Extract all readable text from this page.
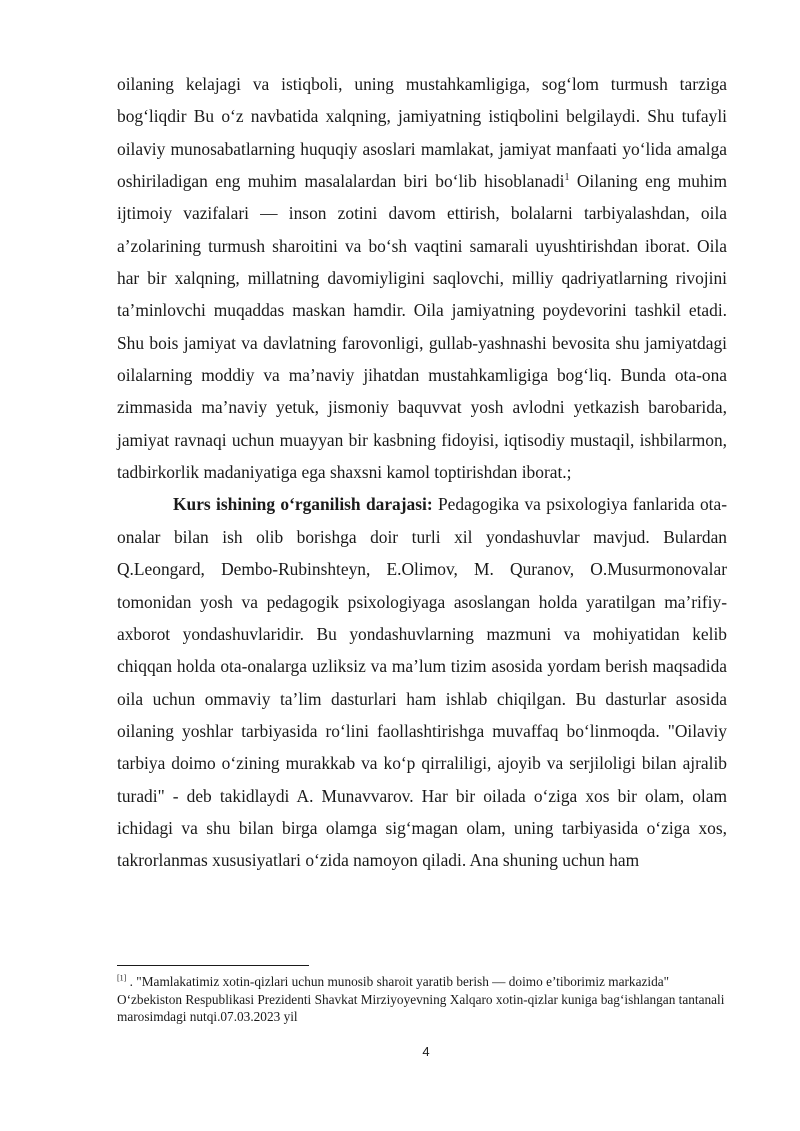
oilaning kelajagi va istiqboli, uning mustahkamligiga, sog‘lom turmush tarziga bog‘liqdir Bu o‘z navbatida xalqning, jamiyatning istiqbolini belgilaydi. Shu tufayli oilaviy munosabatlarning huquqiy asoslari mamlakat, jamiyat manfaati yo‘lida amalga oshiriladigan eng muhim masalalardan biri bo‘lib hisoblanadi$^1$ Oilaning eng muhim ijtimoiy vazifalari — inson zotini davom ettirish, bolalarni tarbiyalashdan, oila a’zolarining turmush sharoitini va bo‘sh vaqtini samarali uyushtirishdan iborat. Oila har bir xalqning, millatning davomiyligini saqlovchi, milliy qadriyatlarning rivojini ta’minlovchi muqaddas maskan hamdir. Oila jamiyatning poydevorini tashkil etadi. Shu bois jamiyat va davlatning farovonligi, gullab-yashnashi bevosita shu jamiyatdagi oilalarning moddiy va ma’naviy jihatdan mustahkamligiga bog‘liq. Bunda ota-ona zimmasida ma’naviy yetuk, jismoniy baquvvat yosh avlodni yetkazish barobarida, jamiyat ravnaqi uchun muayyan bir kasbning fidoyisi, iqtisodiy mustaqil, ishbilarmon, tadbirkorlik madaniyatiga ega shaxsni kamol toptirishdan iborat.;

Kurs ishining o‘rganilish darajasi: Pedagogika va psixologiya fanlarida ota-onalar bilan ish olib borishga doir turli xil yondashuvlar mavjud. Bulardan Q.Leongard, Dembo-Rubinshteyn, E.Olimov, M. Quranov, O.Musurmonovalar tomonidan yosh va pedagogik psixologiyaga asoslangan holda yaratilgan ma’rifiy-axborot yondashuvlaridir. Bu yondashuvlarning mazmuni va mohiyatidan kelib chiqqan holda ota-onalarga uzliksiz va ma’lum tizim asosida yordam berish maqsadida oila uchun ommaviy ta’lim dasturlari ham ishlab chiqilgan. Bu dasturlar asosida oilaning yoshlar tarbiyasida ro‘lini faollashtirishga muvaffaq bo‘linmoqda. "Oilaviy tarbiya doimo o‘zining murakkab va ko‘p qirraliligi, ajoyib va serjiloligi bilan ajralib turadi" - deb takidlaydi A. Munavvarov. Har bir oilada o‘ziga xos bir olam, olam ichidagi va shu bilan birga olamga sig‘magan olam, uning tarbiyasida o‘ziga xos, takrorlanmas xususiyatlari o‘zida namoyon qiladi. Ana shuning uchun ham

[1] . "Mamlakatimiz xotin-qizlari uchun munosib sharoit yaratib berish — doimo e’tiborimiz markazida" O‘zbekiston Respublikasi Prezidenti Shavkat Mirziyoyevning Xalqaro xotin-qizlar kuniga bag‘ishlangan tantanali marosimdagi nutqi.07.03.2023 yil
4
